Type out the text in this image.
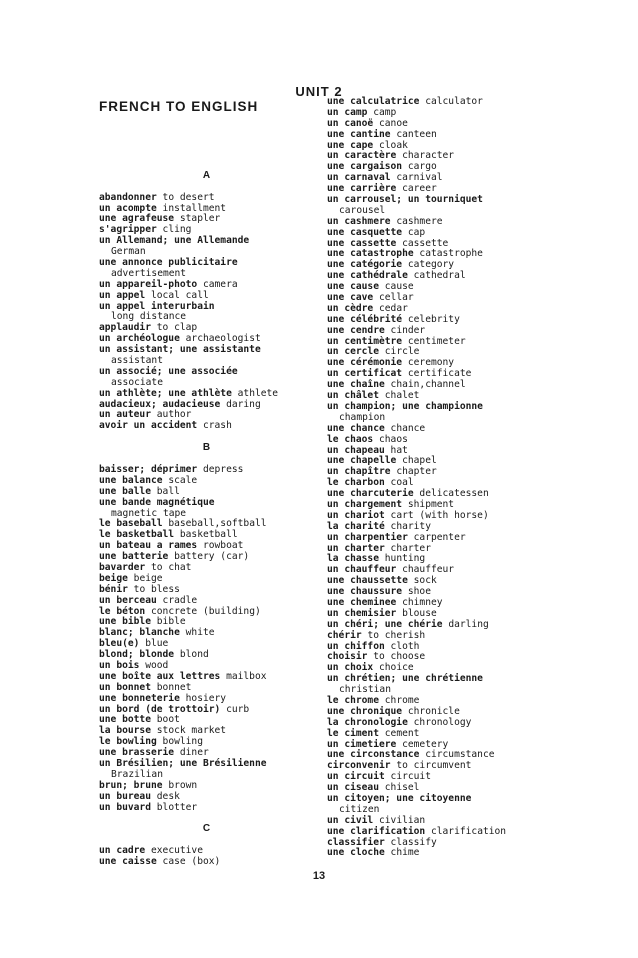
UNIT 2
FRENCH TO ENGLISH
A
abandonner to desert
un acompte installment
une agrafeuse stapler
s'agripper cling
un Allemand; une Allemande
German
une annonce publicitaire
advertisement
un appareil-photo camera
un appel local call
un appel interurbain
long distance
applaudir to clap
un archéologue archaeologist
un assistant; une assistante
assistant
un associé; une associée
associate
un athlète; une athlète athlete
audacieux; audacieuse daring
un auteur author
avoir un accident crash
B
baisser; déprimer depress
une balance scale
une balle ball
une bande magnétique
magnetic tape
le baseball baseball,softball
le basketball basketball
un bateau a rames rowboat
une batterie battery (car)
bavarder to chat
beige beige
bénir to bless
un berceau cradle
le béton concrete (building)
une bible bible
blanc; blanche white
bleu(e) blue
blond; blonde blond
un bois wood
une boîte aux lettres mailbox
un bonnet bonnet
une bonneterie hosiery
un bord (de trottoir) curb
une botte boot
la bourse stock market
le bowling bowling
une brasserie diner
un Brésilien; une Brésilienne
Brazilian
brun; brune brown
un bureau desk
un buvard blotter
C
un cadre executive
une caisse case (box)
une calculatrice calculator
un camp camp
un canoë canoe
une cantine canteen
une cape cloak
un caractère character
une cargaison cargo
un carnaval carnival
une carrière career
un carrousel; un tourniquet
carousel
un cashmere cashmere
une casquette cap
une cassette cassette
une catastrophe catastrophe
une catégorie category
une cathédrale cathedral
une cause cause
une cave cellar
un cèdre cedar
une célébrité celebrity
une cendre cinder
un centimètre centimeter
un cercle circle
une cérémonie ceremony
un certificat certificate
une chaîne chain,channel
un châlet chalet
un champion; une championne
champion
une chance chance
le chaos chaos
un chapeau hat
une chapelle chapel
un chapître chapter
le charbon coal
une charcuterie delicatessen
un chargement shipment
un chariot cart (with horse)
la charité charity
un charpentier carpenter
un charter charter
la chasse hunting
un chauffeur chauffeur
une chaussette sock
une chaussure shoe
une cheminee chimney
un chemisier blouse
un chéri; une chérie darling
chérir to cherish
un chiffon cloth
choisir to choose
un choix choice
un chrétien; une chrétienne
christian
le chrome chrome
une chronique chronicle
la chronologie chronology
le ciment cement
un cimetiere cemetery
une circonstance circumstance
circonvenir to circumvent
un circuit circuit
un ciseau chisel
un citoyen; une citoyenne
citizen
un civil civilian
une clarification clarification
classifier classify
une cloche chime
13
